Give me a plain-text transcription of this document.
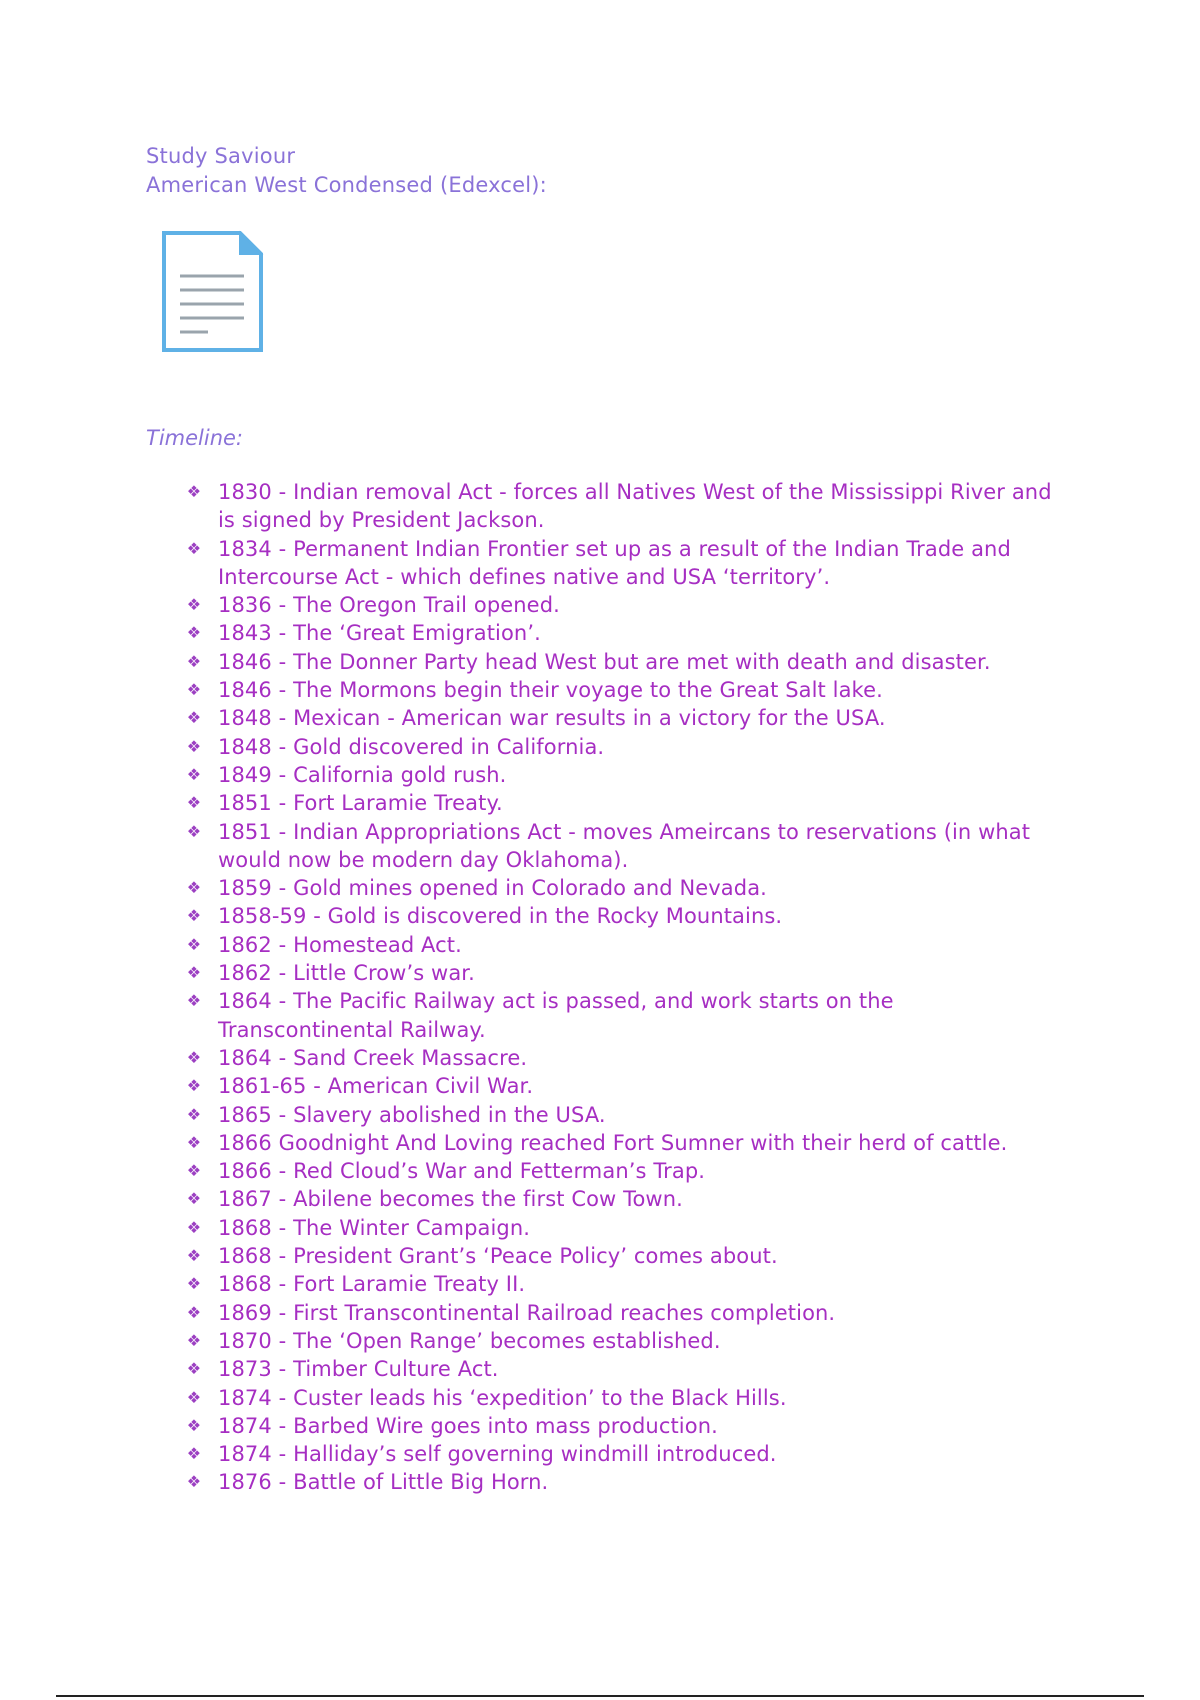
Study Saviour
American West Condensed (Edexcel):
Timeline:
❖ 1830 - Indian removal Act - forces all Natives West of the Mississippi River and is signed by President Jackson.
❖ 1834 - Permanent Indian Frontier set up as a result of the Indian Trade and Intercourse Act - which defines native and USA ‘territory’.
❖ 1836 - The Oregon Trail opened.
❖ 1843 - The ‘Great Emigration’.
❖ 1846 - The Donner Party head West but are met with death and disaster.
❖ 1846 - The Mormons begin their voyage to the Great Salt lake.
❖ 1848 - Mexican - American war results in a victory for the USA.
❖ 1848 - Gold discovered in California.
❖ 1849 - California gold rush.
❖ 1851 - Fort Laramie Treaty.
❖ 1851 - Indian Appropriations Act - moves Ameircans to reservations (in what would now be modern day Oklahoma).
❖ 1859 - Gold mines opened in Colorado and Nevada.
❖ 1858-59 - Gold is discovered in the Rocky Mountains.
❖ 1862 - Homestead Act.
❖ 1862 - Little Crow’s war.
❖ 1864 - The Pacific Railway act is passed, and work starts on the Transcontinental Railway.
❖ 1864 - Sand Creek Massacre.
❖ 1861-65 - American Civil War.
❖ 1865 - Slavery abolished in the USA.
❖ 1866 Goodnight And Loving reached Fort Sumner with their herd of cattle.
❖ 1866 - Red Cloud’s War and Fetterman’s Trap.
❖ 1867 - Abilene becomes the first Cow Town.
❖ 1868 - The Winter Campaign.
❖ 1868 - President Grant’s ‘Peace Policy’ comes about.
❖ 1868 - Fort Laramie Treaty II.
❖ 1869 - First Transcontinental Railroad reaches completion.
❖ 1870 - The ‘Open Range’ becomes established.
❖ 1873 - Timber Culture Act.
❖ 1874 - Custer leads his ‘expedition’ to the Black Hills.
❖ 1874 - Barbed Wire goes into mass production.
❖ 1874 - Halliday’s self governing windmill introduced.
❖ 1876 - Battle of Little Big Horn.
